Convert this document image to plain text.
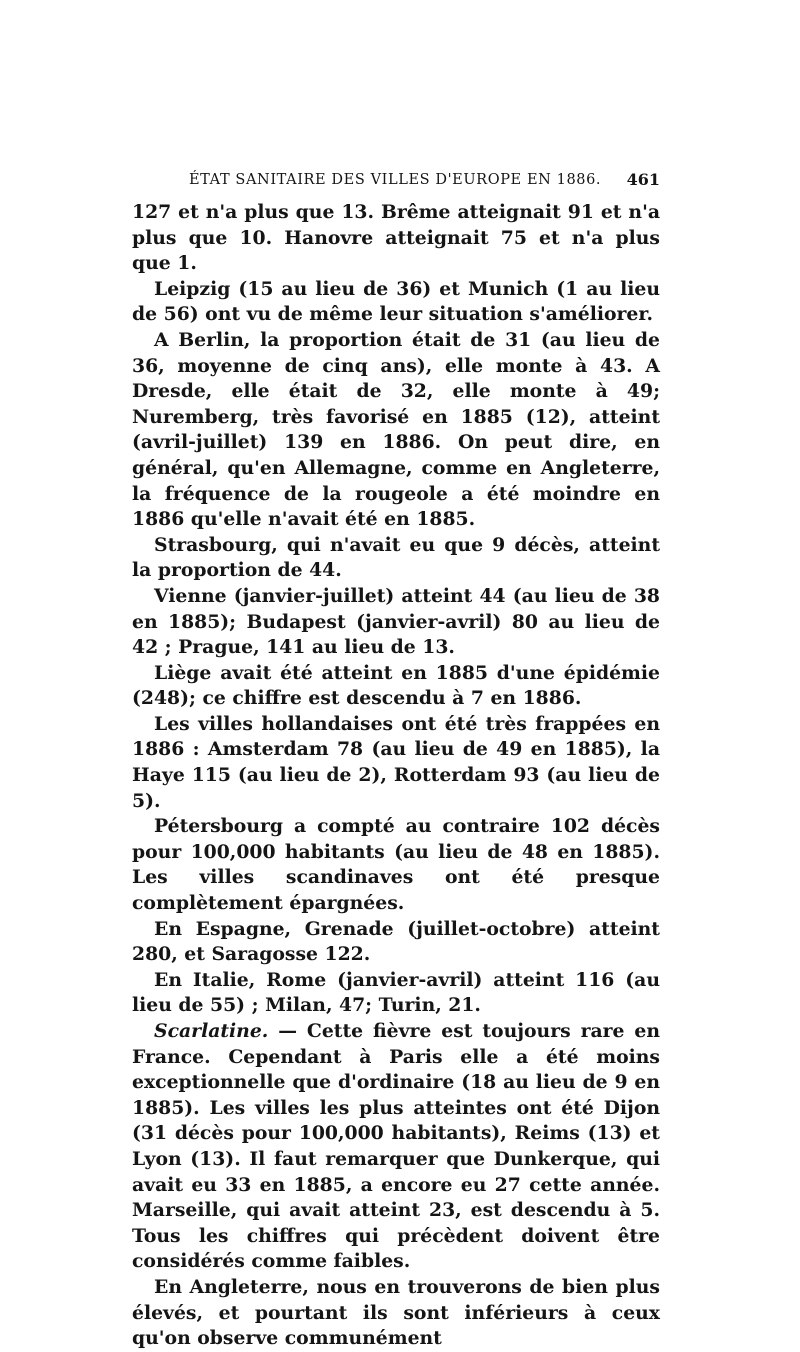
ÉTAT SANITAIRE DES VILLES D'EUROPE EN 1886. 461

127 et n'a plus que 13. Brême atteignait 91 et n'a plus que 10. Hanovre atteignait 75 et n'a plus que 1.

Leipzig (15 au lieu de 36) et Munich (1 au lieu de 56) ont vu de même leur situation s'améliorer.

A Berlin, la proportion était de 31 (au lieu de 36, moyenne de cinq ans), elle monte à 43. A Dresde, elle était de 32, elle monte à 49; Nuremberg, très favorisé en 1885 (12), atteint (avril-juillet) 139 en 1886. On peut dire, en général, qu'en Allemagne, comme en Angleterre, la fréquence de la rougeole a été moindre en 1886 qu'elle n'avait été en 1885.

Strasbourg, qui n'avait eu que 9 décès, atteint la proportion de 44.

Vienne (janvier-juillet) atteint 44 (au lieu de 38 en 1885); Budapest (janvier-avril) 80 au lieu de 42 ; Prague, 141 au lieu de 13.

Liège avait été atteint en 1885 d'une épidémie (248); ce chiffre est descendu à 7 en 1886.

Les villes hollandaises ont été très frappées en 1886 : Amsterdam 78 (au lieu de 49 en 1885), la Haye 115 (au lieu de 2), Rotterdam 93 (au lieu de 5).

Pétersbourg a compté au contraire 102 décès pour 100,000 habitants (au lieu de 48 en 1885). Les villes scandinaves ont été presque complètement épargnées.

En Espagne, Grenade (juillet-octobre) atteint 280, et Saragosse 122.

En Italie, Rome (janvier-avril) atteint 116 (au lieu de 55) ; Milan, 47; Turin, 21.

Scarlatine. — Cette fièvre est toujours rare en France. Cependant à Paris elle a été moins exceptionnelle que d'ordinaire (18 au lieu de 9 en 1885). Les villes les plus atteintes ont été Dijon (31 décès pour 100,000 habitants), Reims (13) et Lyon (13). Il faut remarquer que Dunkerque, qui avait eu 33 en 1885, a encore eu 27 cette année. Marseille, qui avait atteint 23, est descendu à 5. Tous les chiffres qui précèdent doivent être considérés comme faibles.

En Angleterre, nous en trouverons de bien plus élevés, et pourtant ils sont inférieurs à ceux qu'on observe communément
